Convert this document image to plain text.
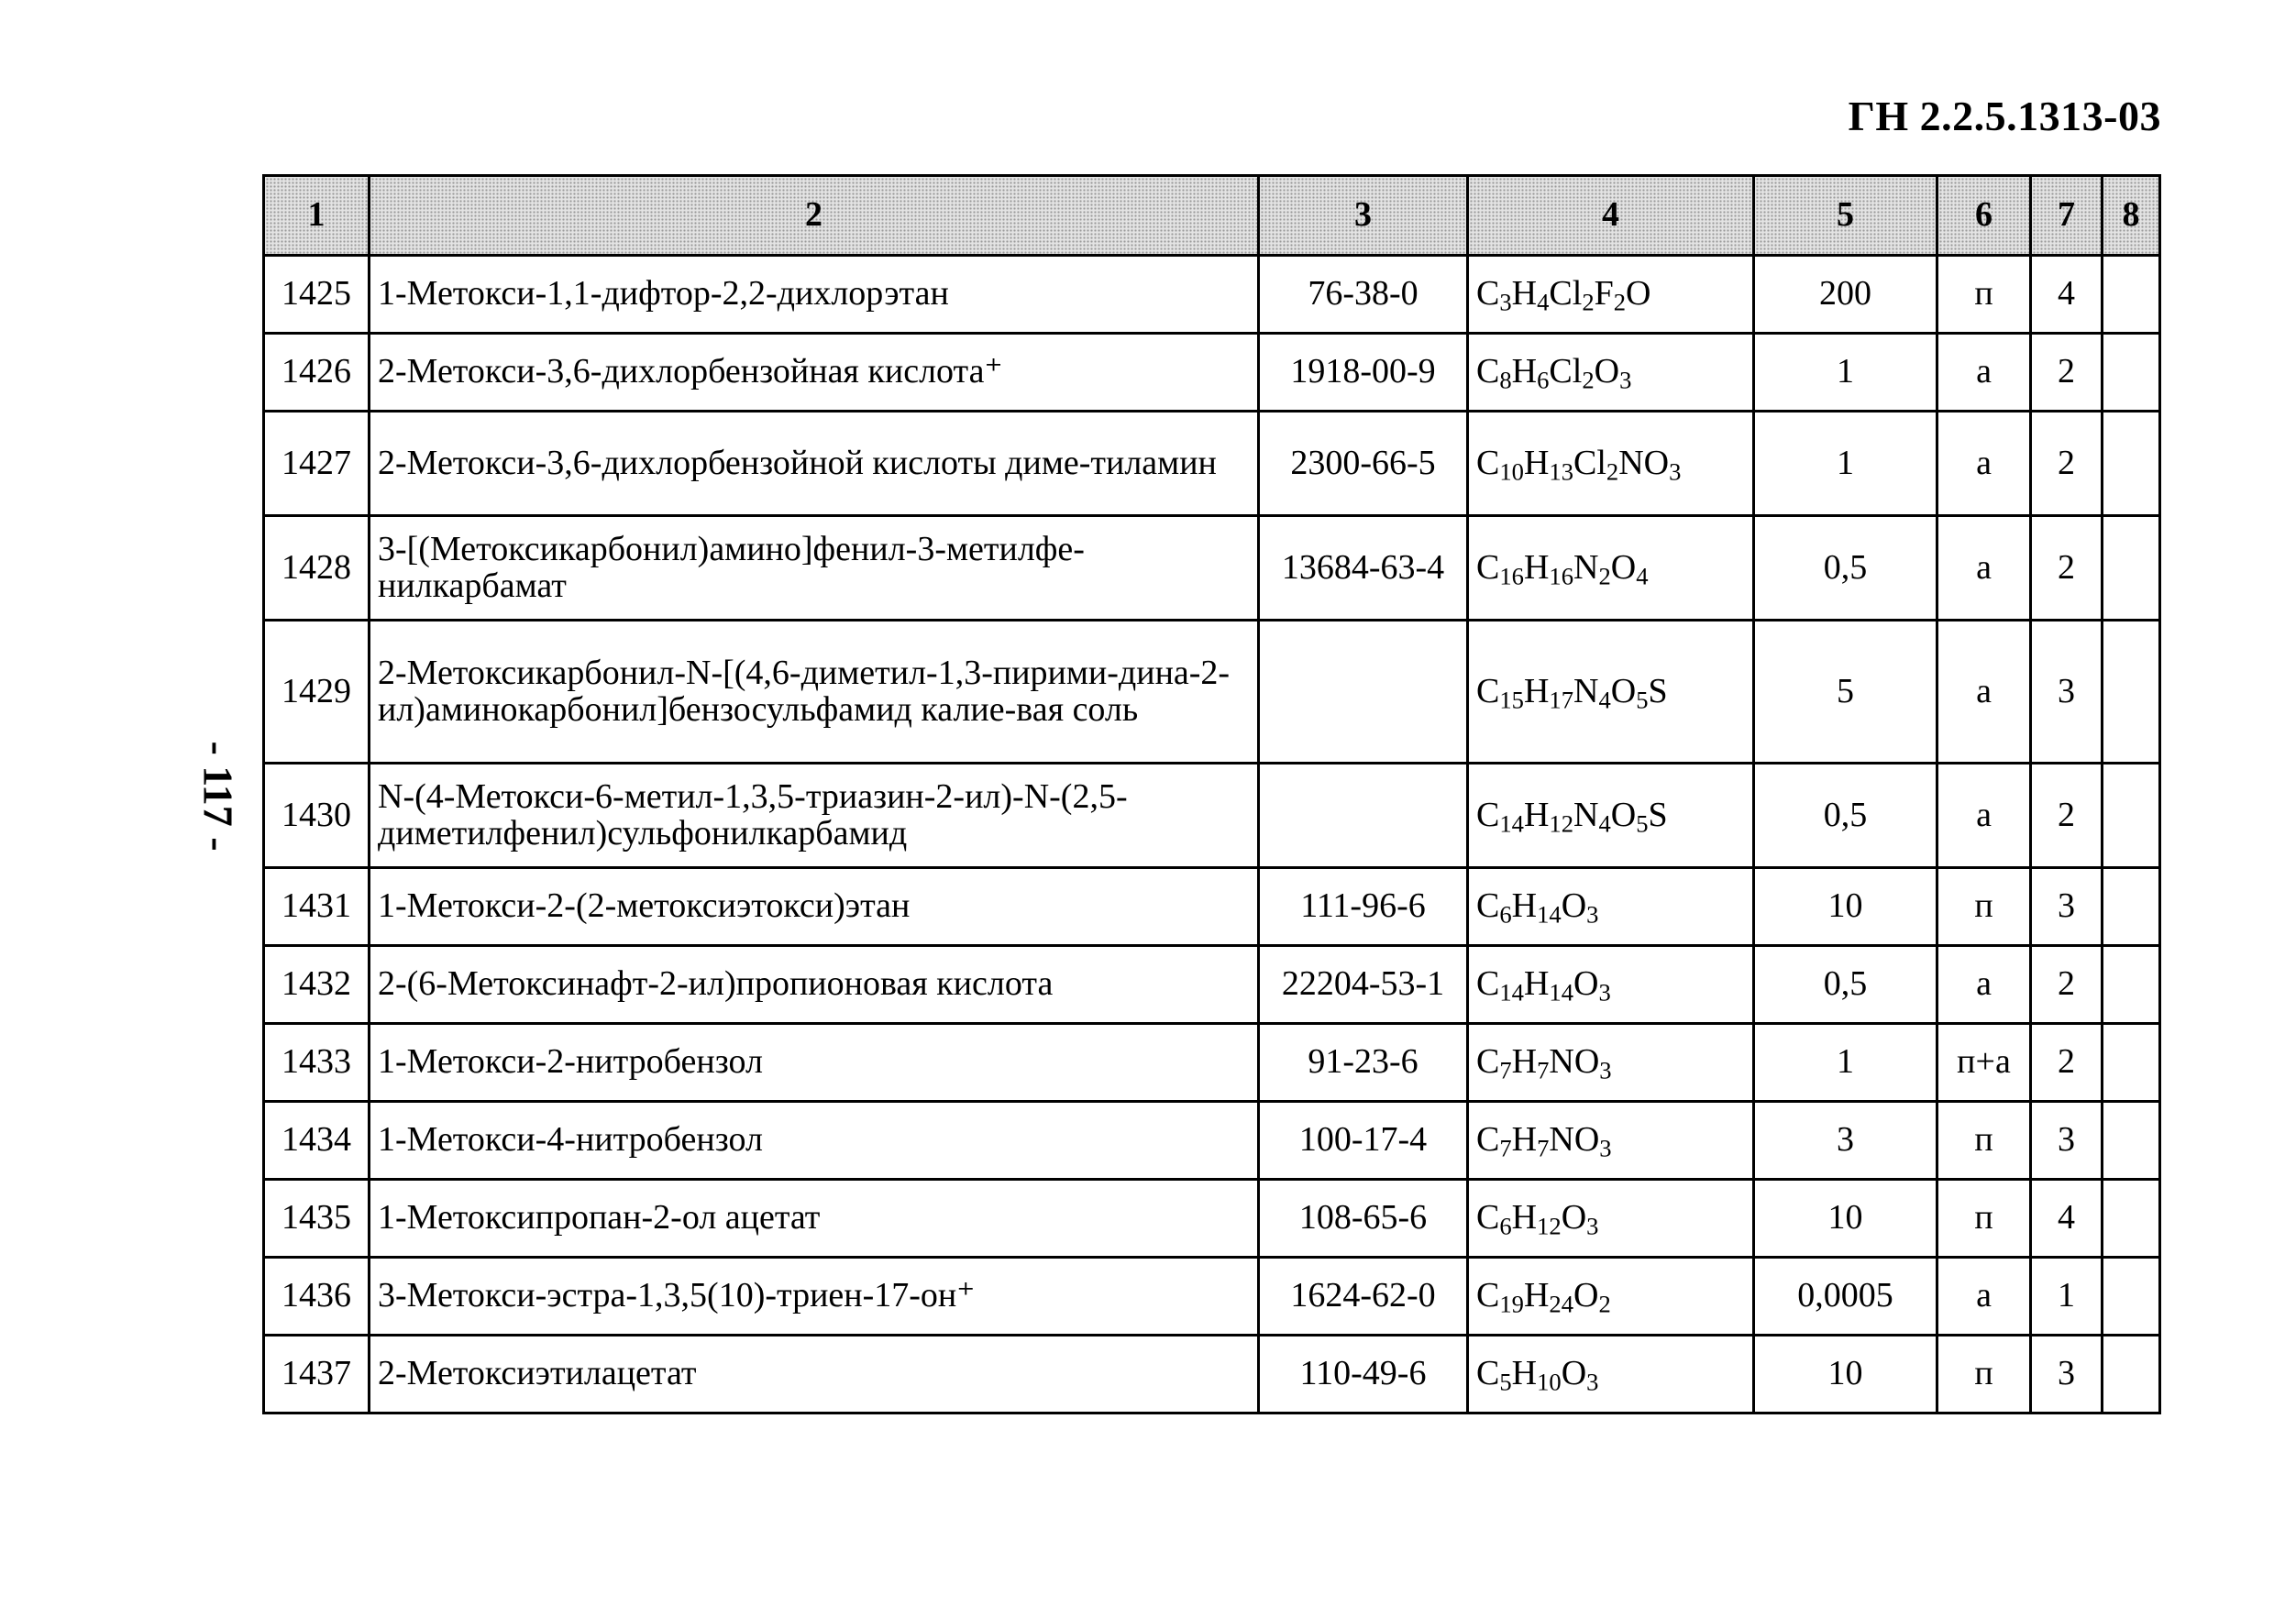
ГН 2.2.5.1313-03
- 117 -
1	2	3	4	5	6	7	8
1425	1-Метокси-1,1-дифтор-2,2-дихлорэтан	76-38-0	$C_3H_4Cl_2F_2O$	200	п	4	
1426	2-Метокси-3,6-дихлорбензойная кислота⁺	1918-00-9	$C_8H_6Cl_2O_3$	1	а	2	
1427	2-Метокси-3,6-дихлорбензойной кислоты диме-тиламин	2300-66-5	$C_{10}H_{13}Cl_2NO_3$	1	а	2	
1428	3-[(Метоксикарбонил)амино]фенил-3-метилфе-нилкарбамат	13684-63-4	$C_{16}H_{16}N_2O_4$	0,5	а	2	
1429	2-Метоксикарбонил-N-[(4,6-диметил-1,3-пирими-дина-2-ил)аминокарбонил]бензосульфамид калие-вая соль		$C_{15}H_{17}N_4O_5S$	5	а	3	
1430	N-(4-Метокси-6-метил-1,3,5-триазин-2-ил)-N-(2,5-диметилфенил)сульфонилкарбамид		$C_{14}H_{12}N_4O_5S$	0,5	а	2	
1431	1-Метокси-2-(2-метоксиэтокси)этан	111-96-6	$C_6H_{14}O_3$	10	п	3	
1432	2-(6-Метоксинафт-2-ил)пропионовая кислота	22204-53-1	$C_{14}H_{14}O_3$	0,5	а	2	
1433	1-Метокси-2-нитробензол	91-23-6	$C_7H_7NO_3$	1	п+а	2	
1434	1-Метокси-4-нитробензол	100-17-4	$C_7H_7NO_3$	3	п	3	
1435	1-Метоксипропан-2-ол ацетат	108-65-6	$C_6H_{12}O_3$	10	п	4	
1436	3-Метокси-эстра-1,3,5(10)-триен-17-он⁺	1624-62-0	$C_{19}H_{24}O_2$	0,0005	а	1	
1437	2-Метоксиэтилацетат	110-49-6	$C_5H_{10}O_3$	10	п	3	
